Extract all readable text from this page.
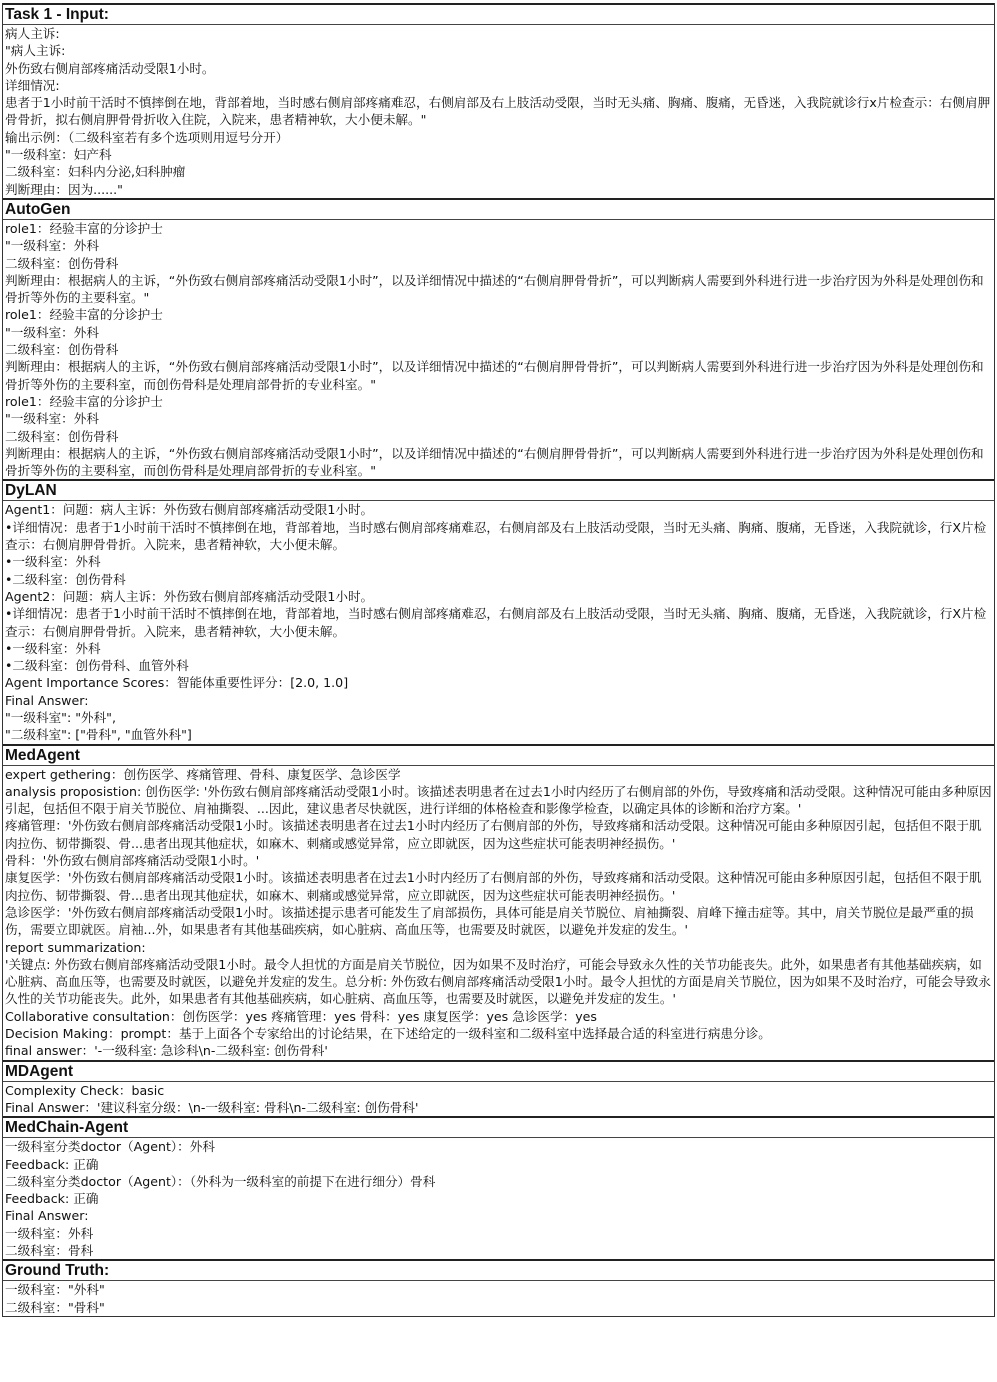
Task 1 - Input:
病人主诉:
"病人主诉:
外伤致右侧肩部疼痛活动受限1小时。
详细情况:
患者于1小时前干活时不慎摔倒在地，背部着地，当时感右侧肩部疼痛难忍，右侧肩部及右上肢活动受限，当时无头痛、胸痛、腹痛，无昏迷，入我院就诊行x片检查示：右侧肩胛骨骨折，拟右侧肩胛骨骨折收入住院，入院来，患者精神软，大小便未解。"
输出示例：（二级科室若有多个选项则用逗号分开）
"一级科室：妇产科
二级科室：妇科内分泌,妇科肿瘤
判断理由：因为......"
AutoGen
role1：经验丰富的分诊护士
"一级科室：外科
二级科室：创伤骨科
判断理由：根据病人的主诉，“外伤致右侧肩部疼痛活动受限1小时”，以及详细情况中描述的“右侧肩胛骨骨折”，可以判断病人需要到外科进行进一步治疗因为外科是处理创伤和骨折等外伤的主要科室。"
role1：经验丰富的分诊护士
"一级科室：外科
二级科室：创伤骨科
判断理由：根据病人的主诉，“外伤致右侧肩部疼痛活动受限1小时”，以及详细情况中描述的“右侧肩胛骨骨折”，可以判断病人需要到外科进行进一步治疗因为外科是处理创伤和骨折等外伤的主要科室，而创伤骨科是处理肩部骨折的专业科室。"
role1：经验丰富的分诊护士
"一级科室：外科
二级科室：创伤骨科
判断理由：根据病人的主诉，“外伤致右侧肩部疼痛活动受限1小时”，以及详细情况中描述的“右侧肩胛骨骨折”，可以判断病人需要到外科进行进一步治疗因为外科是处理创伤和骨折等外伤的主要科室，而创伤骨科是处理肩部骨折的专业科室。"
DyLAN
Agent1：问题：病人主诉：外伤致右侧肩部疼痛活动受限1小时。
•详细情况：患者于1小时前干活时不慎摔倒在地，背部着地，当时感右侧肩部疼痛难忍，右侧肩部及右上肢活动受限，当时无头痛、胸痛、腹痛，无昏迷，入我院就诊，行X片检查示：右侧肩胛骨骨折。入院来，患者精神软，大小便未解。
•一级科室：外科
•二级科室：创伤骨科
Agent2：问题：病人主诉：外伤致右侧肩部疼痛活动受限1小时。
•详细情况：患者于1小时前干活时不慎摔倒在地，背部着地，当时感右侧肩部疼痛难忍，右侧肩部及右上肢活动受限，当时无头痛、胸痛、腹痛，无昏迷，入我院就诊，行X片检查示：右侧肩胛骨骨折。入院来，患者精神软，大小便未解。
•一级科室：外科
•二级科室：创伤骨科、血管外科
Agent Importance Scores：智能体重要性评分：[2.0, 1.0]
Final Answer:
"一级科室": "外科",
"二级科室": ["骨科", "血管外科"]
MedAgent
expert gethering：创伤医学、疼痛管理、骨科、康复医学、急诊医学
analysis proposistion: 创伤医学: '外伤致右侧肩部疼痛活动受限1小时。该描述表明患者在过去1小时内经历了右侧肩部的外伤，导致疼痛和活动受限。这种情况可能由多种原因引起，包括但不限于肩关节脱位、肩袖撕裂、...因此，建议患者尽快就医，进行详细的体格检查和影像学检查，以确定具体的诊断和治疗方案。'
疼痛管理：'外伤致右侧肩部疼痛活动受限1小时。该描述表明患者在过去1小时内经历了右侧肩部的外伤，导致疼痛和活动受限。这种情况可能由多种原因引起，包括但不限于肌肉拉伤、韧带撕裂、骨...患者出现其他症状，如麻木、刺痛或感觉异常，应立即就医，因为这些症状可能表明神经损伤。'
骨科：'外伤致右侧肩部疼痛活动受限1小时。'
康复医学：'外伤致右侧肩部疼痛活动受限1小时。该描述表明患者在过去1小时内经历了右侧肩部的外伤，导致疼痛和活动受限。这种情况可能由多种原因引起，包括但不限于肌肉拉伤、韧带撕裂、骨...患者出现其他症状，如麻木、刺痛或感觉异常，应立即就医，因为这些症状可能表明神经损伤。'
急诊医学：'外伤致右侧肩部疼痛活动受限1小时。该描述提示患者可能发生了肩部损伤，具体可能是肩关节脱位、肩袖撕裂、肩峰下撞击症等。其中，肩关节脱位是最严重的损伤，需要立即就医。肩袖...外，如果患者有其他基础疾病，如心脏病、高血压等，也需要及时就医，以避免并发症的发生。'
report summarization:
'关键点: 外伤致右侧肩部疼痛活动受限1小时。最令人担忧的方面是肩关节脱位，因为如果不及时治疗，可能会导致永久性的关节功能丧失。此外，如果患者有其他基础疾病，如心脏病、高血压等，也需要及时就医，以避免并发症的发生。总分析: 外伤致右侧肩部疼痛活动受限1小时。最令人担忧的方面是肩关节脱位，因为如果不及时治疗，可能会导致永久性的关节功能丧失。此外，如果患者有其他基础疾病，如心脏病、高血压等，也需要及时就医，以避免并发症的发生。'
Collaborative consultation：创伤医学：yes 疼痛管理：yes 骨科：yes 康复医学：yes 急诊医学：yes
Decision Making：prompt：基于上面各个专家给出的讨论结果，在下述给定的一级科室和二级科室中选择最合适的科室进行病患分诊。
final answer：'-一级科室: 急诊科\n-二级科室: 创伤骨科'
MDAgent
Complexity Check：basic
Final Answer：'建议科室分级：\n-一级科室: 骨科\n-二级科室: 创伤骨科'
MedChain-Agent
一级科室分类doctor（Agent）：外科
Feedback: 正确
二级科室分类doctor（Agent）：（外科为一级科室的前提下在进行细分）骨科
Feedback: 正确
Final Answer:
一级科室：外科
二级科室：骨科
Ground Truth:
一级科室："外科"
二级科室："骨科"
